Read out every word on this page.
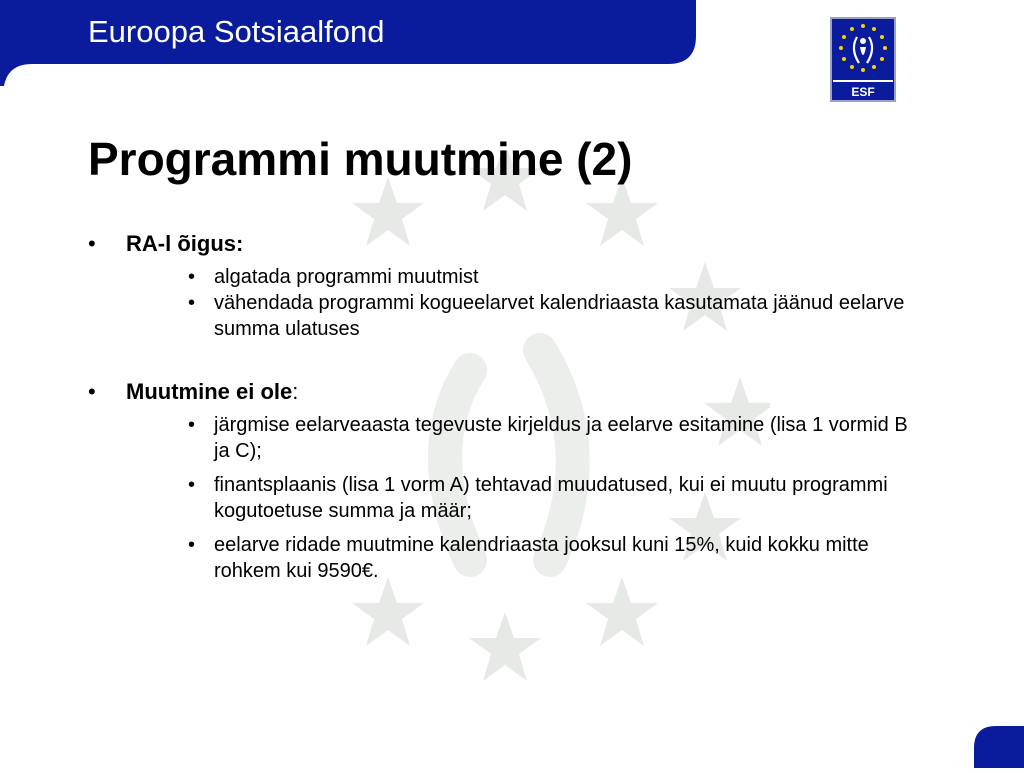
Euroopa Sotsiaalfond
ESF
Programmi muutmine (2)
• RA-l õigus:
• algatada programmi muutmist
• vähendada programmi kogueelarvet kalendriaasta kasutamata jäänud eelarve summa ulatuses
• Muutmine ei ole:
• järgmise eelarveaasta tegevuste kirjeldus ja eelarve esitamine (lisa 1 vormid B ja C);
• finantsplaanis (lisa 1 vorm A) tehtavad muudatused, kui ei muutu programmi kogutoetuse summa ja määr;
• eelarve ridade muutmine kalendriaasta jooksul kuni 15%, kuid kokku mitte rohkem kui 9590€.
